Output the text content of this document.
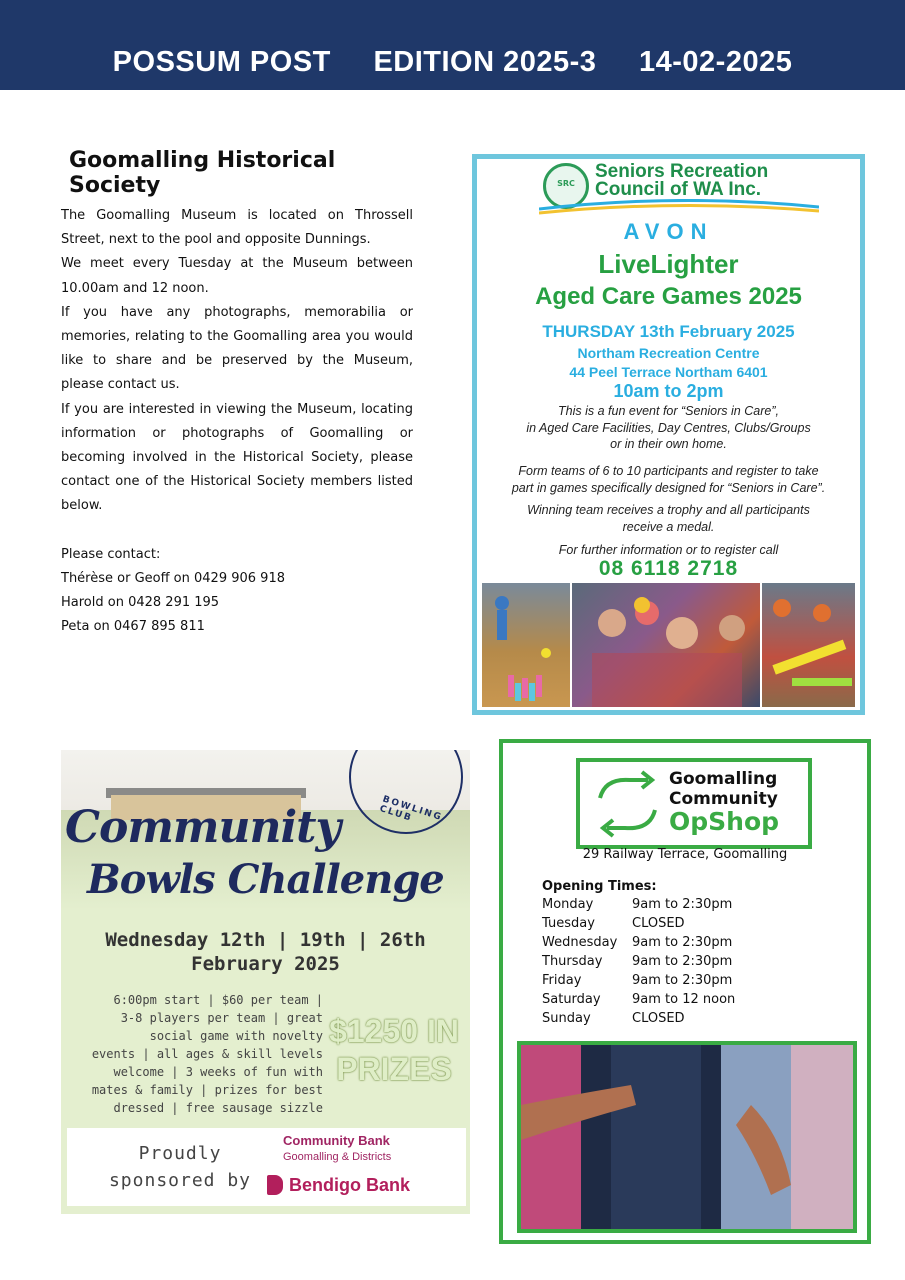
POSSUM POST EDITION 2025-3 14-02-2025
Goomalling Historical Society

The Goomalling Museum is located on Throssell Street, next to the pool and opposite Dunnings.

We meet every Tuesday at the Museum between 10.00am and 12 noon.

If you have any photographs, memorabilia or memories, relating to the Goomalling area you would like to share and be preserved by the Museum, please contact us.

If you are interested in viewing the Museum, locating information or photographs of Goomalling or becoming involved in the Historical Society, please contact one of the Historical Society members listed below.

Please contact:
Thérèse or Geoff on 0429 906 918
Harold on 0428 291 195
Peta on 0467 895 811
SRC
Seniors Recreation
Council of WA Inc.
AVON
LiveLighter
Aged Care Games 2025
THURSDAY 13th February 2025
Northam Recreation Centre
44 Peel Terrace Northam 6401
10am to 2pm
This is a fun event for “Seniors in Care”,
in Aged Care Facilities, Day Centres, Clubs/Groups
or in their own home.
Form teams of 6 to 10 participants and register to take
part in games specifically designed for “Seniors in Care”.
Winning team receives a trophy and all participants
receive a medal.
For further information or to register call
08 6118 2718
BOWLING CLUB
Community
Bowls Challenge
Wednesday 12th | 19th | 26th
February 2025
6:00pm start | $60 per team |
3-8 players per team | great
social game with novelty
events | all ages & skill levels
welcome | 3 weeks of fun with
mates & family | prizes for best
dressed | free sausage sizzle
$1250 IN
PRIZES
Proudly
sponsored by
Community Bank
Goomalling & Districts
Bendigo Bank
Goomalling
Community
OpShop
29 Railway Terrace, Goomalling
Opening Times:
Monday	9am to 2:30pm
Tuesday	CLOSED
Wednesday 9am to 2:30pm
Thursday 9am to 2:30pm
Friday	9am to 2:30pm
Saturday 9am to 12 noon
Sunday	CLOSED
